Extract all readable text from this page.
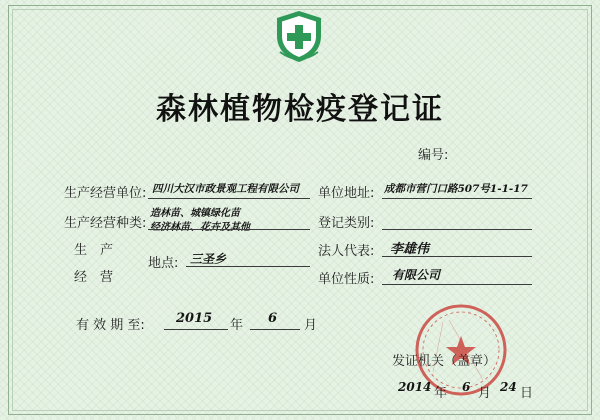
森林植物检疫登记证
编号:
生产经营单位: 四川大汉市政景观工程有限公司 单位地址: 成都市营门口路507号1-1-17
生产经营种类:
造林苗、城镇绿化苗
经济林苗、花卉及其他	登记类别:
生　产
经　营
地点: 三圣乡	法人代表: 李雄伟
单位性质: 有限公司
有 效 期 至: 2015 年 6 月
发证机关（盖章）
2014 年 6 月 24 日
